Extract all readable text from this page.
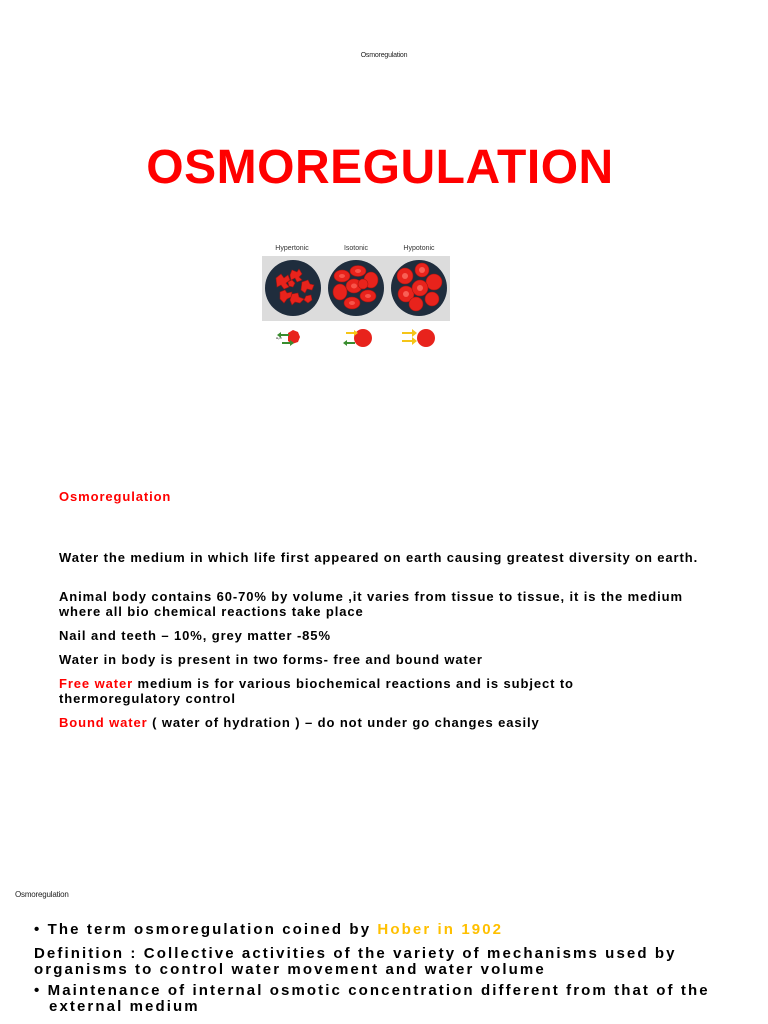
Osmoregulation
OSMOREGULATION
Hypertonic	Isotonic	Hypotonic
H₂O
Osmoregulation
Water the medium in which life first appeared on earth causing greatest diversity on earth.
Animal body contains 60-70% by volume ,it varies from tissue to tissue, it is the medium where all bio chemical reactions take place
Nail and teeth – 10%, grey matter -85%
Water in body is present in two forms- free and bound water
Free water medium is for various biochemical reactions and is subject to thermoregulatory control
Bound water ( water of hydration ) – do not under go changes easily
Osmoregulation
• The term osmoregulation coined by Hober in 1902
Definition : Collective activities of the variety of mechanisms used by organisms to control water movement and water volume
• Maintenance of internal osmotic concentration different from that of the external medium
